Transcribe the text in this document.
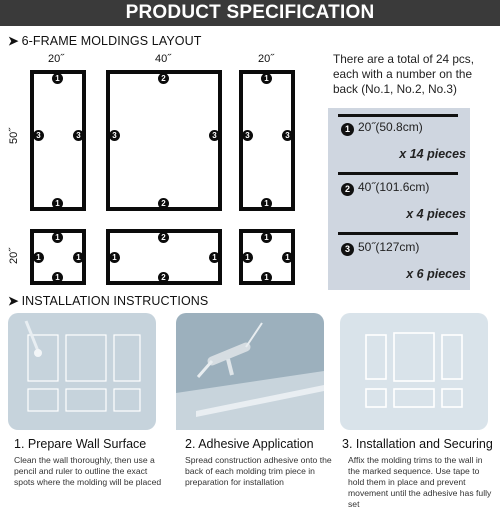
PRODUCT SPECIFICATION
➤ 6-FRAME MOLDINGS LAYOUT
20˝	40˝	20˝
50˝
20˝
1
1
3	3
2
2
3	3
1
1
3	3
1
1
1	1
2
2
1	1
1
1
1	1
There are a total of 24 pcs, each with a number on the back (No.1, No.2, No.3)
1 20˝(50.8cm)
x 14 pieces
2 40˝(101.6cm)
x 4 pieces
3 50˝(127cm)
x 6 pieces
➤ INSTALLATION INSTRUCTIONS
1. Prepare Wall Surface
Clean the wall thoroughly, then use a pencil and ruler to outline the exact spots where the molding will be placed
2. Adhesive Application
Spread construction adhesive onto the back of each molding trim piece in preparation for installation
3. Installation and Securing
Affix the molding trims to the wall in the marked sequence. Use tape to hold them in place and prevent movement until the adhesive has fully set
